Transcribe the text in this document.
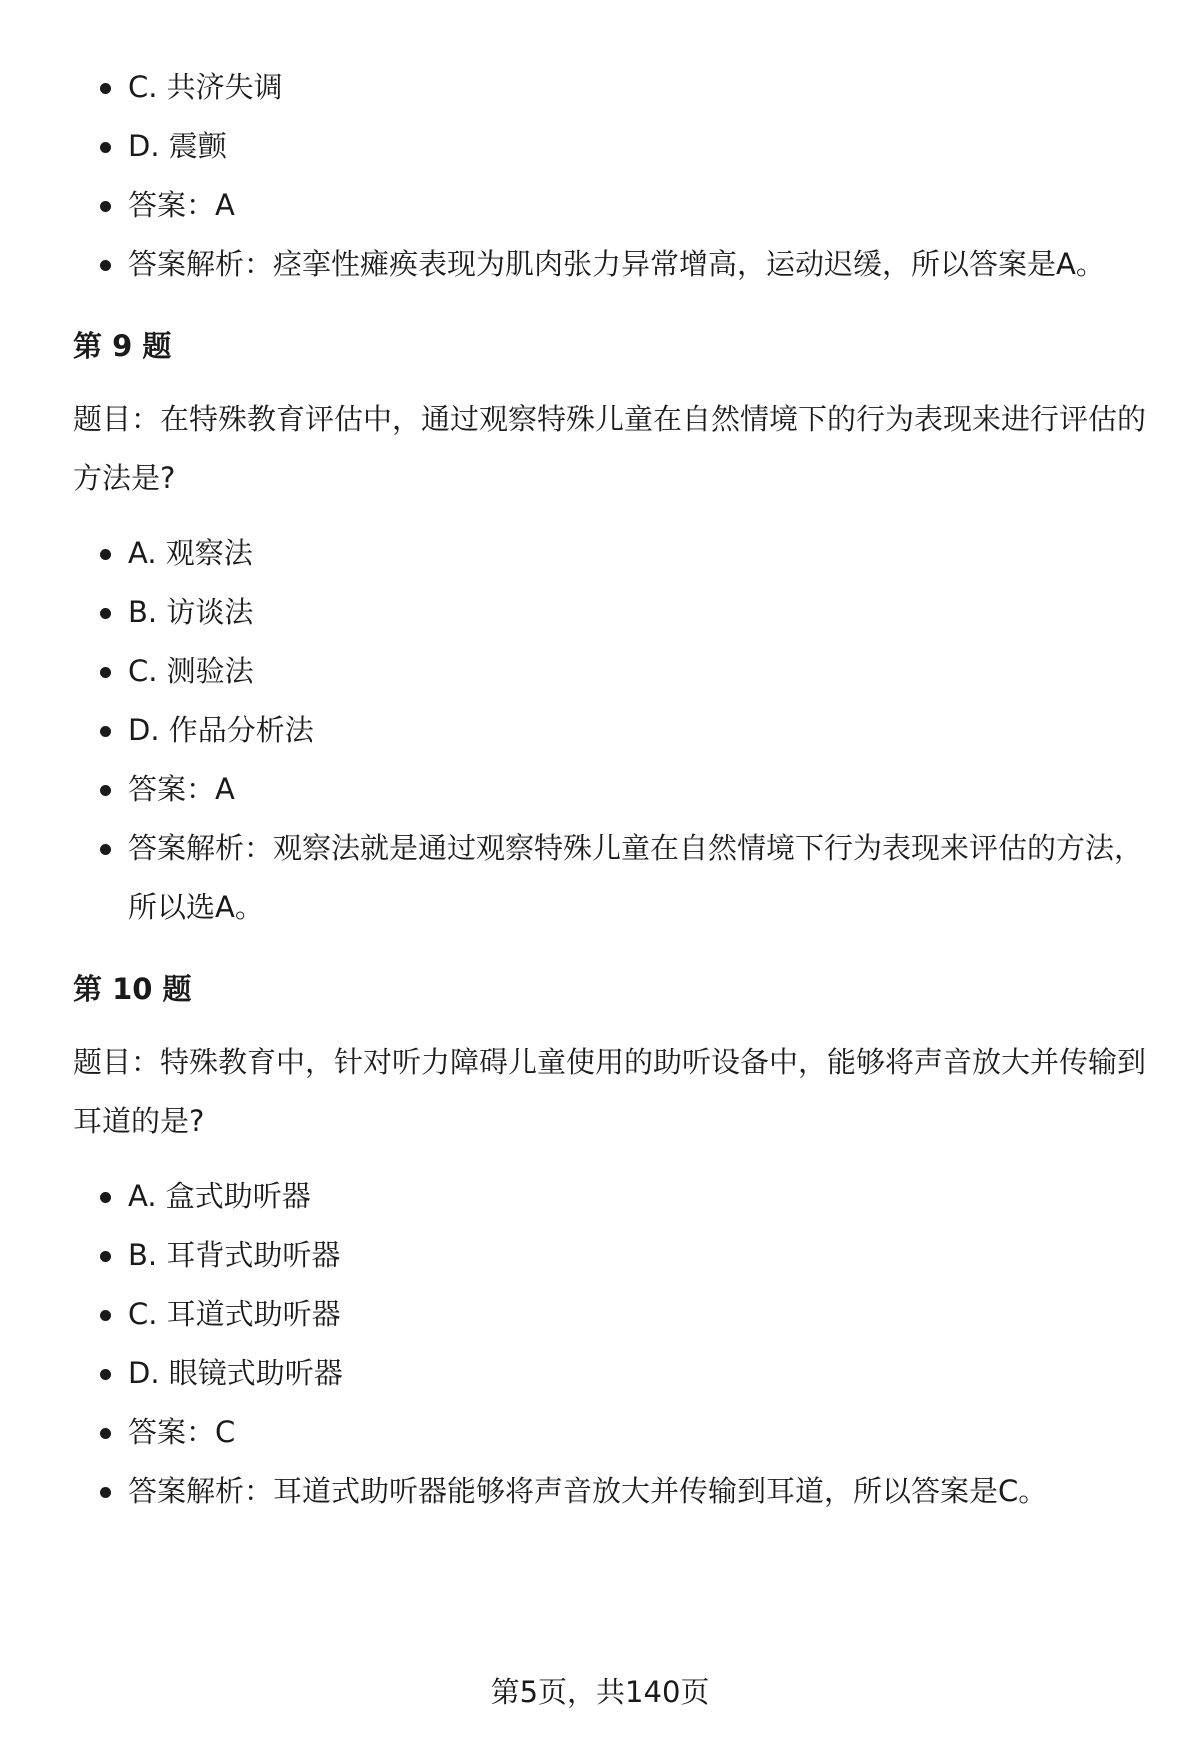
C. 共济失调
D. 震颤
答案：A
答案解析：痉挛性瘫痪表现为肌肉张力异常增高，运动迟缓，所以答案是A。
第 9 题
题目：在特殊教育评估中，通过观察特殊儿童在自然情境下的行为表现来进行评估的方法是?
A. 观察法
B. 访谈法
C. 测验法
D. 作品分析法
答案：A
答案解析：观察法就是通过观察特殊儿童在自然情境下行为表现来评估的方法，所以选A。
第 10 题
题目：特殊教育中，针对听力障碍儿童使用的助听设备中，能够将声音放大并传输到耳道的是?
A. 盒式助听器
B. 耳背式助听器
C. 耳道式助听器
D. 眼镜式助听器
答案：C
答案解析：耳道式助听器能够将声音放大并传输到耳道，所以答案是C。
第5页，共140页
